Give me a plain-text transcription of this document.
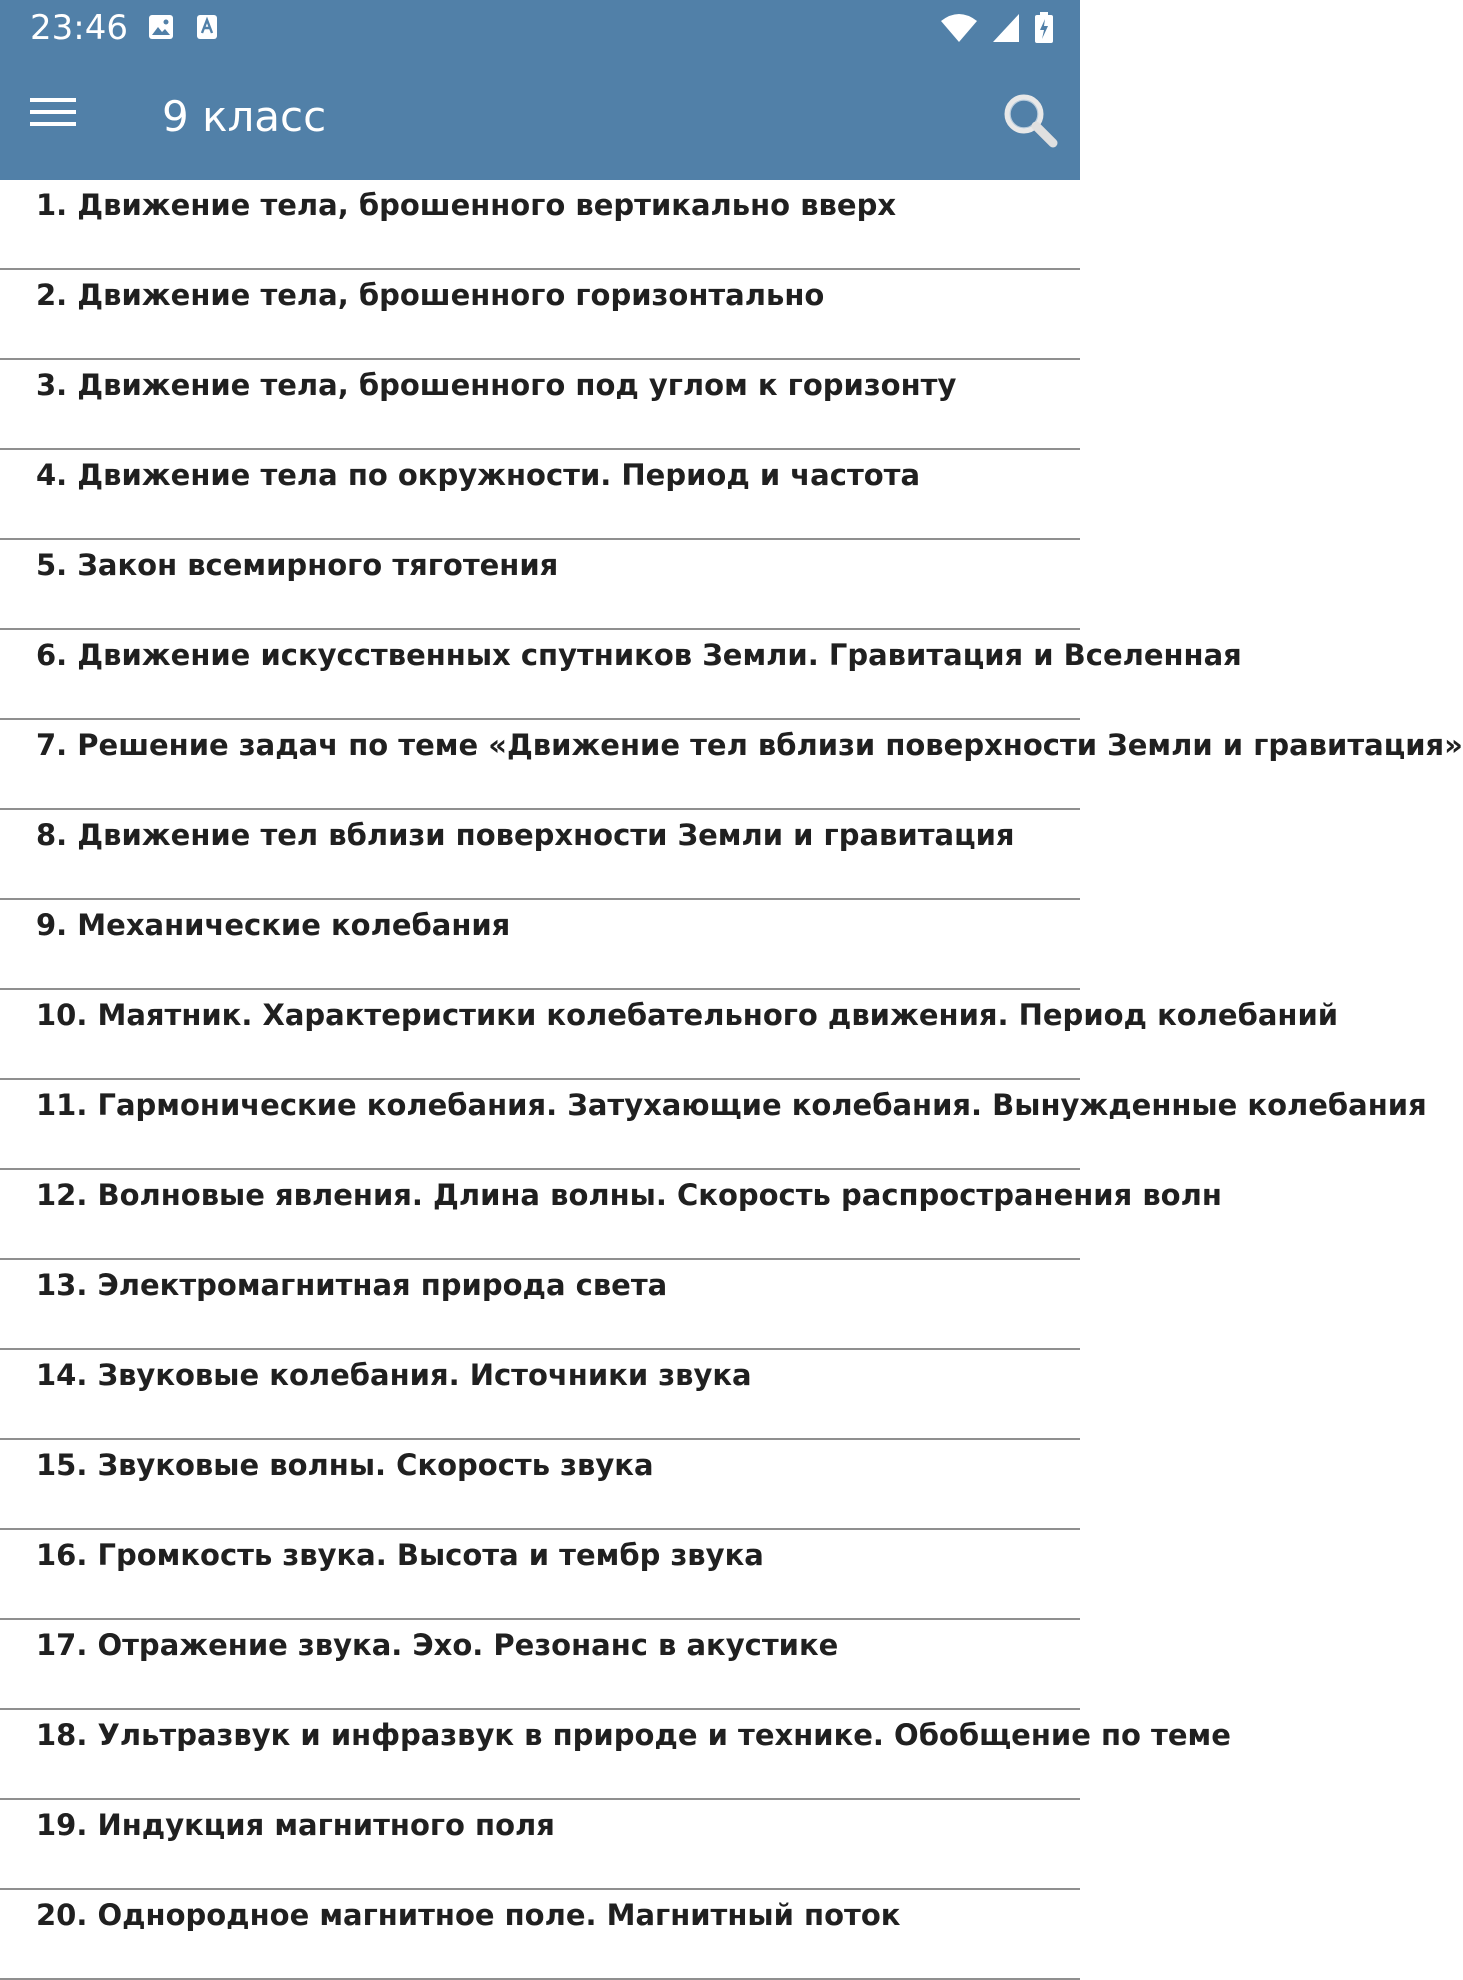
23:46
9 класс
1. Движение тела, брошенного вертикально вверх
2. Движение тела, брошенного горизонтально
3. Движение тела, брошенного под углом к горизонту
4. Движение тела по окружности. Период и частота
5. Закон всемирного тяготения
6. Движение искусственных спутников Земли. Гравитация и Вселенная
7. Решение задач по теме «Движение тел вблизи поверхности Земли и гравитация»
8. Движение тел вблизи поверхности Земли и гравитация
9. Механические колебания
10. Маятник. Характеристики колебательного движения. Период колебаний
11. Гармонические колебания. Затухающие колебания. Вынужденные колебания
12. Волновые явления. Длина волны. Скорость распространения волн
13. Электромагнитная природа света
14. Звуковые колебания. Источники звука
15. Звуковые волны. Скорость звука
16. Громкость звука. Высота и тембр звука
17. Отражение звука. Эхо. Резонанс в акустике
18. Ультразвук и инфразвук в природе и технике. Обобщение по теме
19. Индукция магнитного поля
20. Однородное магнитное поле. Магнитный поток
